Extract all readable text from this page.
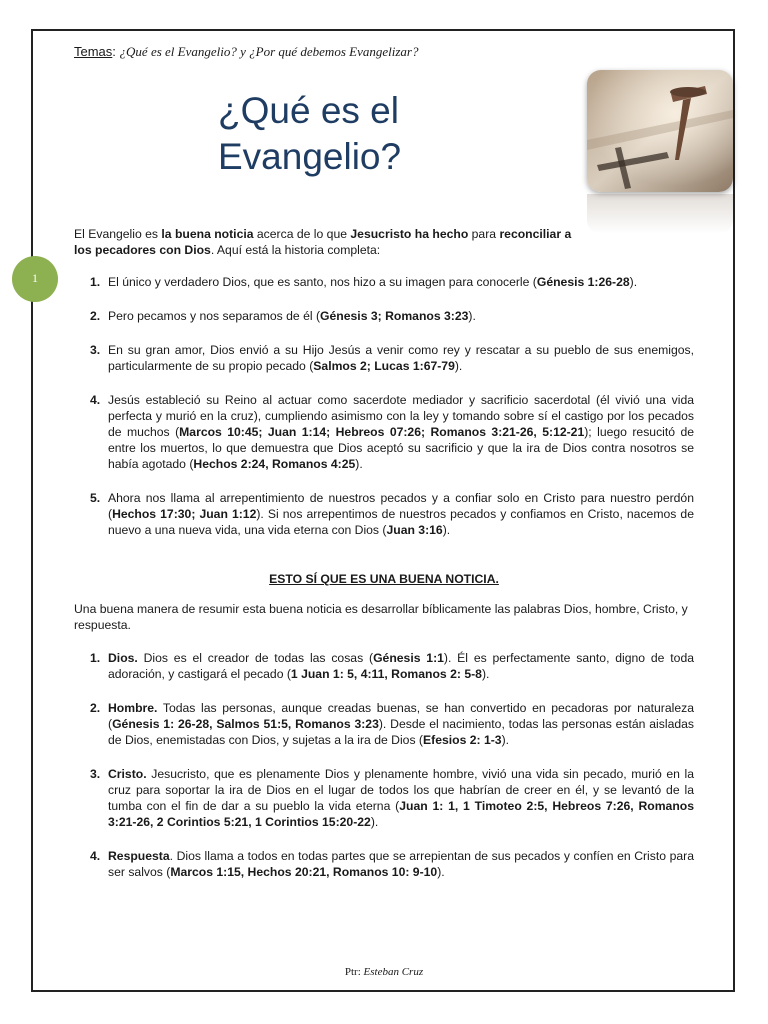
Temas: ¿Qué es el Evangelio? y ¿Por qué debemos Evangelizar?
¿Qué es el
Evangelio?
1
El Evangelio es la buena noticia acerca de lo que Jesucristo ha hecho para reconciliar a los pecadores con Dios. Aquí está la historia completa:
1. El único y verdadero Dios, que es santo, nos hizo a su imagen para conocerle (Génesis 1:26-28).
2. Pero pecamos y nos separamos de él (Génesis 3; Romanos 3:23).
3. En su gran amor, Dios envió a su Hijo Jesús a venir como rey y rescatar a su pueblo de sus enemigos, particularmente de su propio pecado (Salmos 2; Lucas 1:67-79).
4. Jesús estableció su Reino al actuar como sacerdote mediador y sacrificio sacerdotal (él vivió una vida perfecta y murió en la cruz), cumpliendo asimismo con la ley y tomando sobre sí el castigo por los pecados de muchos (Marcos 10:45; Juan 1:14; Hebreos 07:26; Romanos 3:21-26, 5:12-21); luego resucitó de entre los muertos, lo que demuestra que Dios aceptó su sacrificio y que la ira de Dios contra nosotros se había agotado (Hechos 2:24, Romanos 4:25).
5. Ahora nos llama al arrepentimiento de nuestros pecados y a confiar solo en Cristo para nuestro perdón (Hechos 17:30; Juan 1:12). Si nos arrepentimos de nuestros pecados y confiamos en Cristo, nacemos de nuevo a una nueva vida, una vida eterna con Dios (Juan 3:16).
ESTO SÍ QUE ES UNA BUENA NOTICIA.
Una buena manera de resumir esta buena noticia es desarrollar bíblicamente las palabras Dios, hombre, Cristo, y respuesta.
1. Dios. Dios es el creador de todas las cosas (Génesis 1:1). Él es perfectamente santo, digno de toda adoración, y castigará el pecado (1 Juan 1: 5, 4:11, Romanos 2: 5-8).
2. Hombre. Todas las personas, aunque creadas buenas, se han convertido en pecadoras por naturaleza (Génesis 1: 26-28, Salmos 51:5, Romanos 3:23). Desde el nacimiento, todas las personas están aisladas de Dios, enemistadas con Dios, y sujetas a la ira de Dios (Efesios 2: 1-3).
3. Cristo. Jesucristo, que es plenamente Dios y plenamente hombre, vivió una vida sin pecado, murió en la cruz para soportar la ira de Dios en el lugar de todos los que habrían de creer en él, y se levantó de la tumba con el fin de dar a su pueblo la vida eterna (Juan 1: 1, 1 Timoteo 2:5, Hebreos 7:26, Romanos 3:21-26, 2 Corintios 5:21, 1 Corintios 15:20-22).
4. Respuesta. Dios llama a todos en todas partes que se arrepientan de sus pecados y confíen en Cristo para ser salvos (Marcos 1:15, Hechos 20:21, Romanos 10: 9-10).
Ptr: Esteban Cruz
